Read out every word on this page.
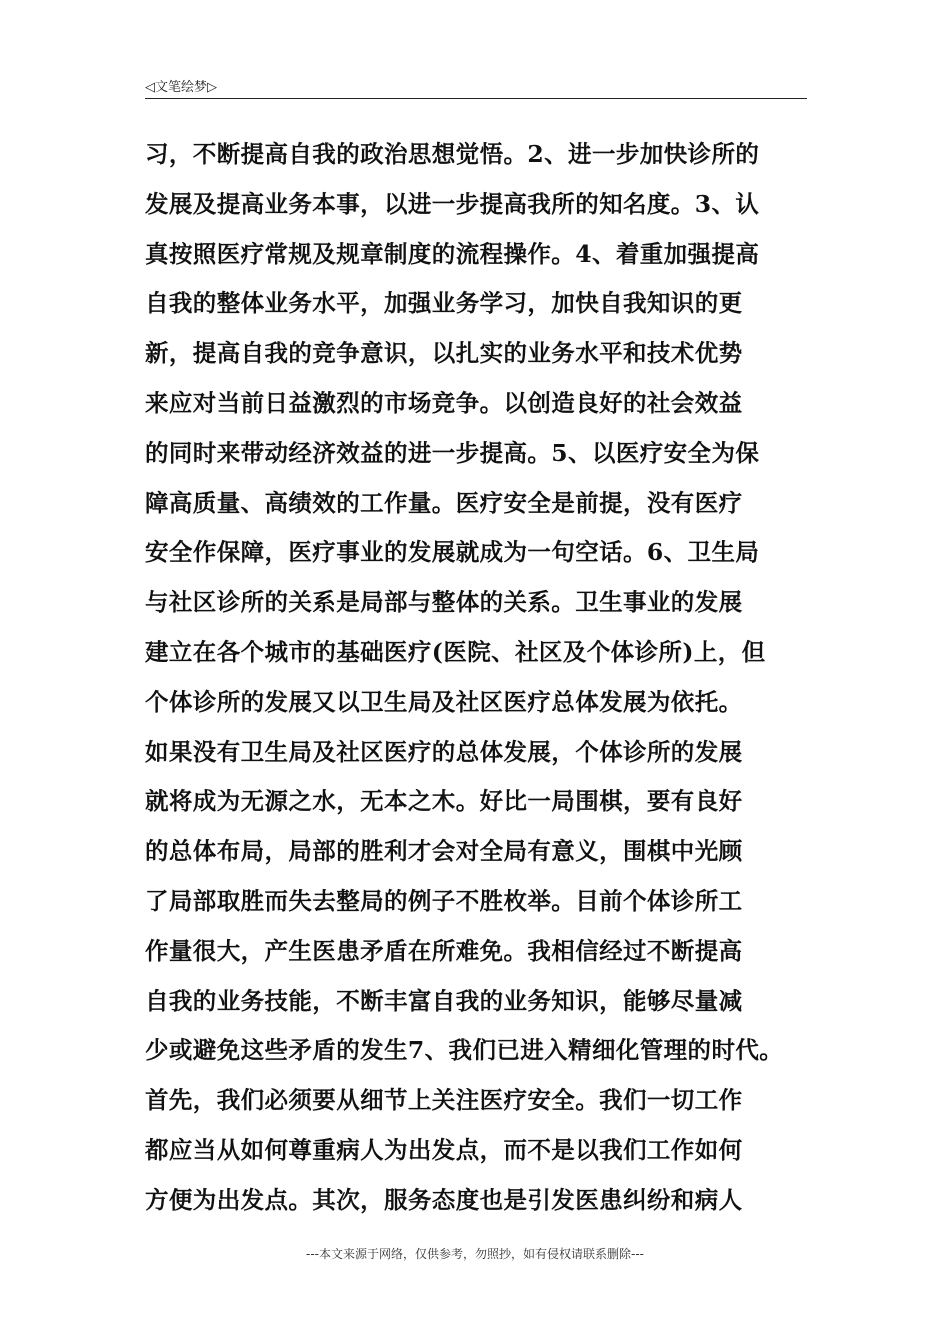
◁文笔绘梦▷
习，不断提高自我的政治思想觉悟。2、进一步加快诊所的
发展及提高业务本事，以进一步提高我所的知名度。3、认
真按照医疗常规及规章制度的流程操作。4、着重加强提高
自我的整体业务水平，加强业务学习，加快自我知识的更
新，提高自我的竞争意识，以扎实的业务水平和技术优势
来应对当前日益激烈的市场竞争。以创造良好的社会效益
的同时来带动经济效益的进一步提高。5、以医疗安全为保
障高质量、高绩效的工作量。医疗安全是前提，没有医疗
安全作保障，医疗事业的发展就成为一句空话。6、卫生局
与社区诊所的关系是局部与整体的关系。卫生事业的发展
建立在各个城市的基础医疗(医院、社区及个体诊所)上，但
个体诊所的发展又以卫生局及社区医疗总体发展为依托。
如果没有卫生局及社区医疗的总体发展，个体诊所的发展
就将成为无源之水，无本之木。好比一局围棋，要有良好
的总体布局，局部的胜利才会对全局有意义，围棋中光顾
了局部取胜而失去整局的例子不胜枚举。目前个体诊所工
作量很大，产生医患矛盾在所难免。我相信经过不断提高
自我的业务技能，不断丰富自我的业务知识，能够尽量减
少或避免这些矛盾的发生7、我们已进入精细化管理的时代。
首先，我们必须要从细节上关注医疗安全。我们一切工作
都应当从如何尊重病人为出发点，而不是以我们工作如何
方便为出发点。其次，服务态度也是引发医患纠纷和病人
---本文来源于网络，仅供参考，勿照抄，如有侵权请联系删除---
